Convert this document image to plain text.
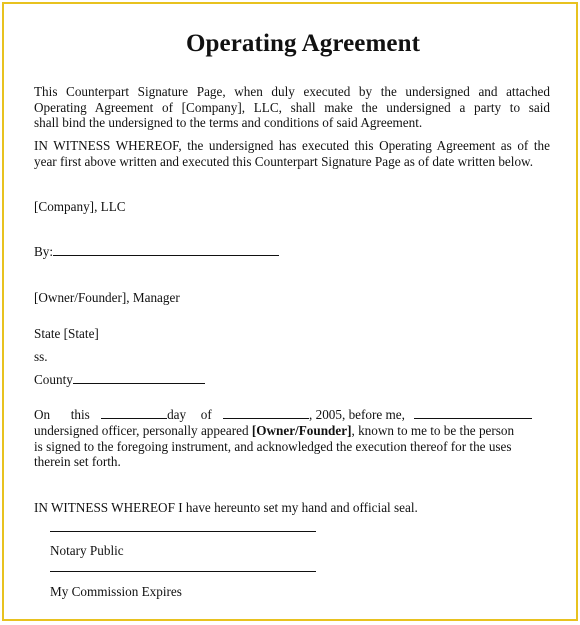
Operating Agreement
This Counterpart Signature Page, when duly executed by the undersigned and attached
Operating Agreement of [Company], LLC, shall make the undersigned a party to said
shall bind the undersigned to the terms and conditions of said Agreement.
IN WITNESS WHEREOF, the undersigned has executed this Operating Agreement as of the
year first above written and executed this Counterpart Signature Page as of date written below.
[Company], LLC
By:
[Owner/Founder], Manager
State [State]
ss.
County
On this	day of	, 2005, before me,
undersigned officer, personally appeared [Owner/Founder], known to me to be the person
is signed to the foregoing instrument, and acknowledged the execution thereof for the uses
therein set forth.
IN WITNESS WHEREOF I have hereunto set my hand and official seal.
Notary Public
My Commission Expires
